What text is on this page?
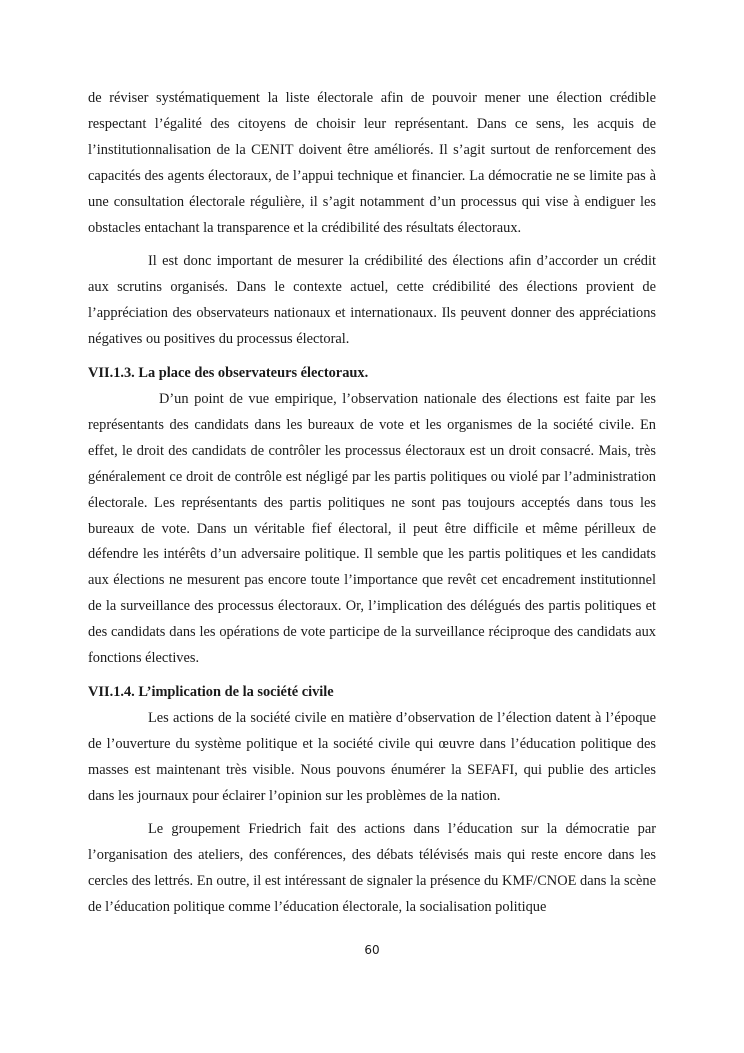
de réviser systématiquement la liste électorale afin de pouvoir mener une élection crédible respectant l’égalité des citoyens de choisir leur représentant. Dans ce sens, les acquis de l’institutionnalisation de la CENIT doivent être améliorés. Il s’agit surtout de renforcement des capacités des agents électoraux, de l’appui technique et financier. La démocratie ne se limite pas à une consultation électorale régulière, il s’agit notamment d’un processus qui vise à endiguer les obstacles entachant la transparence et la crédibilité des résultats électoraux.

Il est donc important de mesurer la crédibilité des élections afin d’accorder un crédit aux scrutins organisés. Dans le contexte actuel, cette crédibilité des élections provient de l’appréciation des observateurs nationaux et internationaux. Ils peuvent donner des appréciations négatives ou positives du processus électoral.

VII.1.3. La place des observateurs électoraux.

D’un point de vue empirique, l’observation nationale des élections est faite par les représentants des candidats dans les bureaux de vote et les organismes de la société civile. En effet, le droit des candidats de contrôler les processus électoraux est un droit consacré. Mais, très généralement ce droit de contrôle est négligé par les partis politiques ou violé par l’administration électorale. Les représentants des partis politiques ne sont pas toujours acceptés dans tous les bureaux de vote. Dans un véritable fief électoral, il peut être difficile et même périlleux de défendre les intérêts d’un adversaire politique. Il semble que les partis politiques et les candidats aux élections ne mesurent pas encore toute l’importance que revêt cet encadrement institutionnel de la surveillance des processus électoraux. Or, l’implication des délégués des partis politiques et des candidats dans les opérations de vote participe de la surveillance réciproque des candidats aux fonctions électives.

VII.1.4. L’implication de la société civile

Les actions de la société civile en matière d’observation de l’élection datent à l’époque de l’ouverture du système politique et la société civile qui œuvre dans l’éducation politique des masses est maintenant très visible. Nous pouvons énumérer la SEFAFI, qui publie des articles dans les journaux pour éclairer l’opinion sur les problèmes de la nation.

Le groupement Friedrich fait des actions dans l’éducation sur la démocratie par l’organisation des ateliers, des conférences, des débats télévisés mais qui reste encore dans les cercles des lettrés. En outre, il est intéressant de signaler la présence du KMF/CNOE dans la scène de l’éducation politique comme l’éducation électorale, la socialisation politique

60
